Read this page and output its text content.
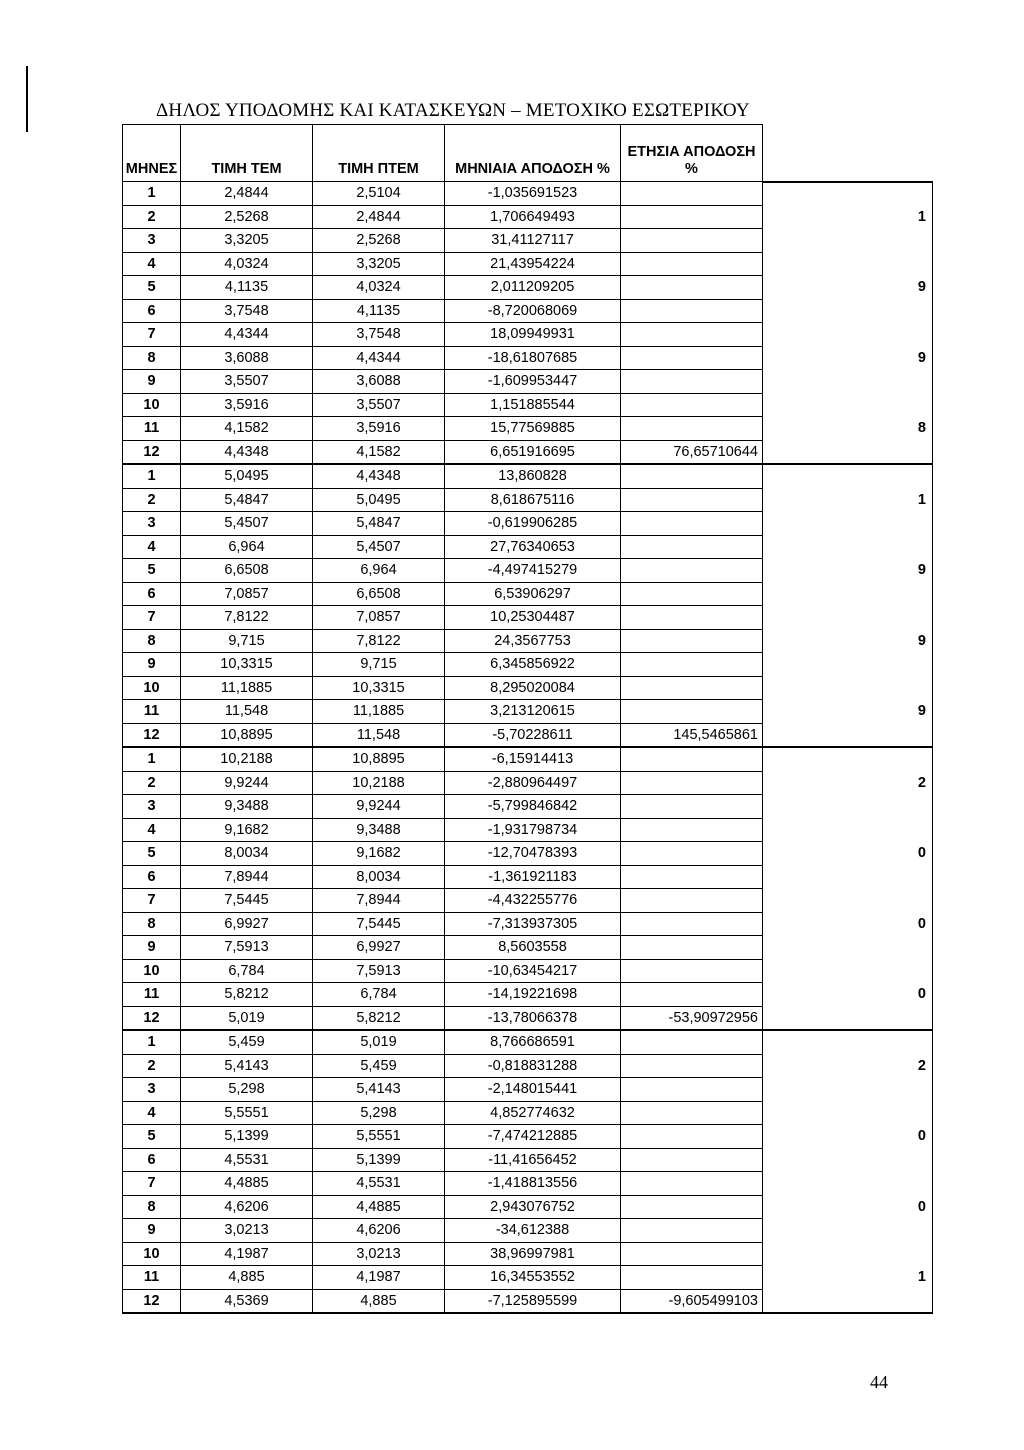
ΔΗΛΟΣ ΥΠΟΔΟΜΗΣ ΚΑΙ ΚΑΤΑΣΚΕΥΩΝ – ΜΕΤΟΧΙΚΟ ΕΣΩΤΕΡΙΚΟΥ
ΜΗΝΕΣ	ΤΙΜΗ ΤΕΜ	ΤΙΜΗ ΠΤΕΜ	ΜΗΝΙΑΙΑ ΑΠΟΔΟΣΗ %	ΕΤΗΣΙΑ ΑΠΟΔΟΣΗ %	
1	2,4844	2,5104	-1,035691523		
2	2,5268	2,4844	1,706649493		1
3	3,3205	2,5268	31,41127117		
4	4,0324	3,3205	21,43954224		
5	4,1135	4,0324	2,011209205		9
6	3,7548	4,1135	-8,720068069		
7	4,4344	3,7548	18,09949931		
8	3,6088	4,4344	-18,61807685		9
9	3,5507	3,6088	-1,609953447		
10	3,5916	3,5507	1,151885544		
11	4,1582	3,5916	15,77569885		8
12	4,4348	4,1582	6,651916695	76,65710644	
1	5,0495	4,4348	13,860828		
2	5,4847	5,0495	8,618675116		1
3	5,4507	5,4847	-0,619906285		
4	6,964	5,4507	27,76340653		
5	6,6508	6,964	-4,497415279		9
6	7,0857	6,6508	6,53906297		
7	7,8122	7,0857	10,25304487		
8	9,715	7,8122	24,3567753		9
9	10,3315	9,715	6,345856922		
10	11,1885	10,3315	8,295020084		
11	11,548	11,1885	3,213120615		9
12	10,8895	11,548	-5,70228611	145,5465861	
1	10,2188	10,8895	-6,15914413		
2	9,9244	10,2188	-2,880964497		2
3	9,3488	9,9244	-5,799846842		
4	9,1682	9,3488	-1,931798734		
5	8,0034	9,1682	-12,70478393		0
6	7,8944	8,0034	-1,361921183		
7	7,5445	7,8944	-4,432255776		
8	6,9927	7,5445	-7,313937305		0
9	7,5913	6,9927	8,5603558		
10	6,784	7,5913	-10,63454217		
11	5,8212	6,784	-14,19221698		0
12	5,019	5,8212	-13,78066378	-53,90972956	
1	5,459	5,019	8,766686591		
2	5,4143	5,459	-0,818831288		2
3	5,298	5,4143	-2,148015441		
4	5,5551	5,298	4,852774632		
5	5,1399	5,5551	-7,474212885		0
6	4,5531	5,1399	-11,41656452		
7	4,4885	4,5531	-1,418813556		
8	4,6206	4,4885	2,943076752		0
9	3,0213	4,6206	-34,612388		
10	4,1987	3,0213	38,96997981		
11	4,885	4,1987	16,34553552		1
12	4,5369	4,885	-7,125895599	-9,605499103	
44
